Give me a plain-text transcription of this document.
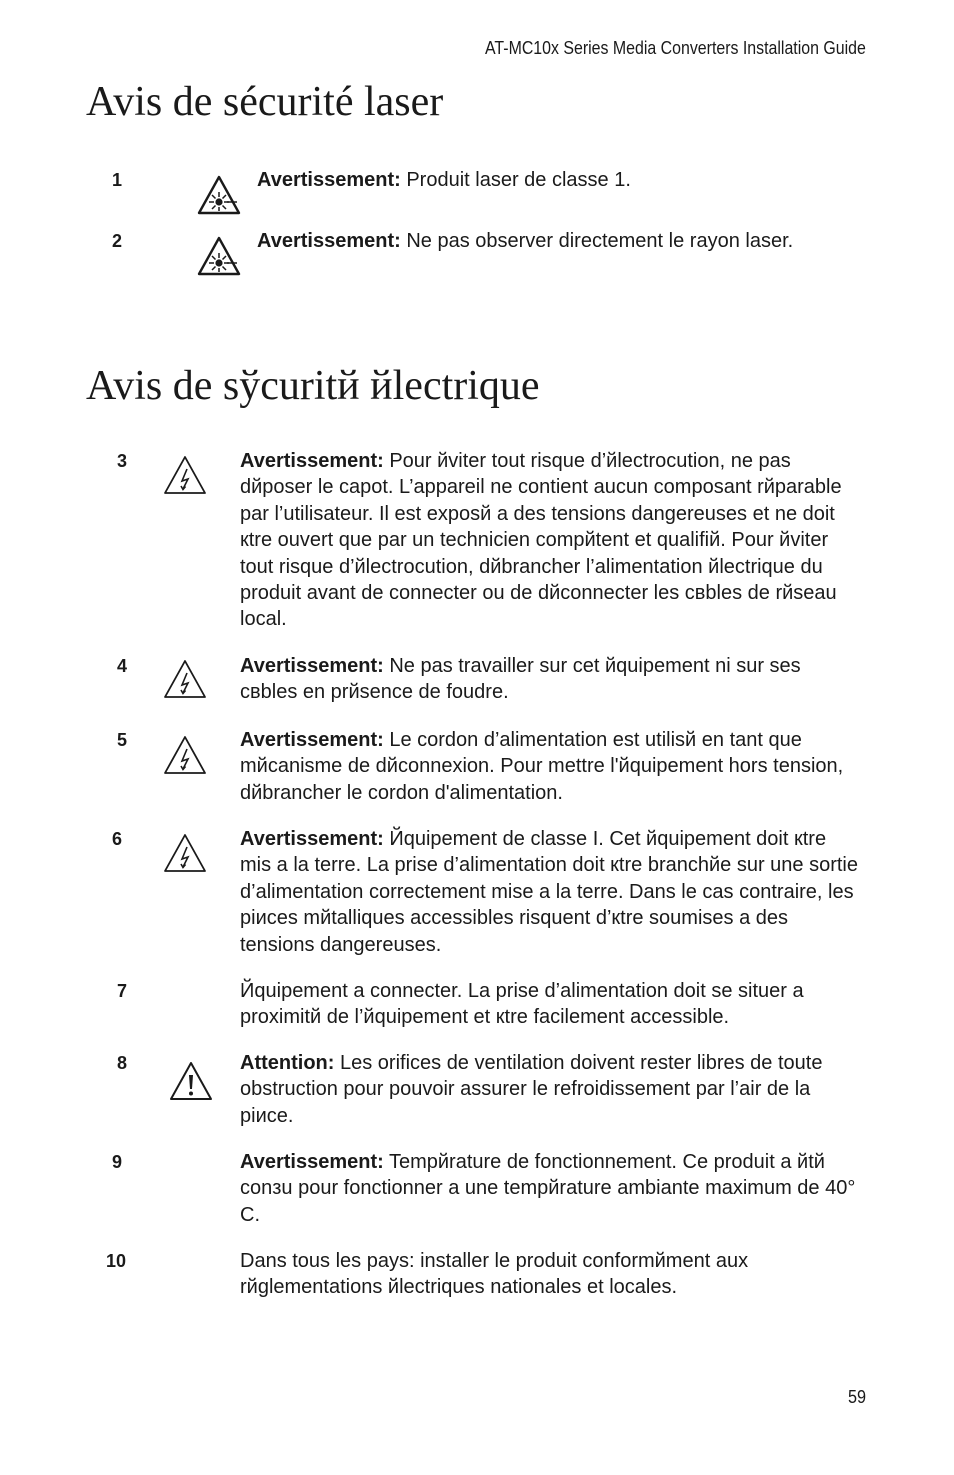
AT-MC10x Series Media Converters Installation Guide
Avis de sécurité laser
1	Avertissement: Produit laser de classe 1.
2	Avertissement: Ne pas observer directement le rayon laser.
Avis de sўcuritй йlectrique
3	Avertissement: Pour йviter tout risque d’йlectrocution, ne pas dйposer le capot. L’appareil ne contient aucun composant rйparable par l’utilisateur. Il est exposй a des tensions dangereuses et ne doit кtre ouvert que par un technicien compйtent et qualifiй. Pour йviter tout risque d’йlectrocution, dйbrancher l’alimentation йlectrique du produit avant de connecter ou de dйconnecter les свbles de rйseau local.
4	Avertissement: Ne pas travailler sur cet йquipement ni sur ses свbles en prйsence de foudre.
5	Avertissement: Le cordon d’alimentation est utilisй en tant que mйcanisme de dйconnexion. Pour mettre l'йquipement hors tension, dйbrancher le cordon d'alimentation.
6	Avertissement: Йquipement de classe I. Cet йquipement doit кtre mis a la terre. La prise d’alimentation doit кtre branchйe sur une sortie d’alimentation correctement mise a la terre. Dans le cas contraire, les piиces mйtalliques accessibles risquent d’кtre soumises a des tensions dangereuses.
7	Йquipement a connecter. La prise d’alimentation doit se situer a proximitй de l’йquipement et кtre facilement accessible.
8	Attention: Les orifices de ventilation doivent rester libres de toute obstruction pour pouvoir assurer le refroidissement par l’air de la piиce.
9	Avertissement: Tempйrature de fonctionnement. Ce produit a йtй conзu pour fonctionner a une tempйrature ambiante maximum de 40° C.
10	Dans tous les pays: installer le produit conformйment aux rйglementations йlectriques nationales et locales.
59
